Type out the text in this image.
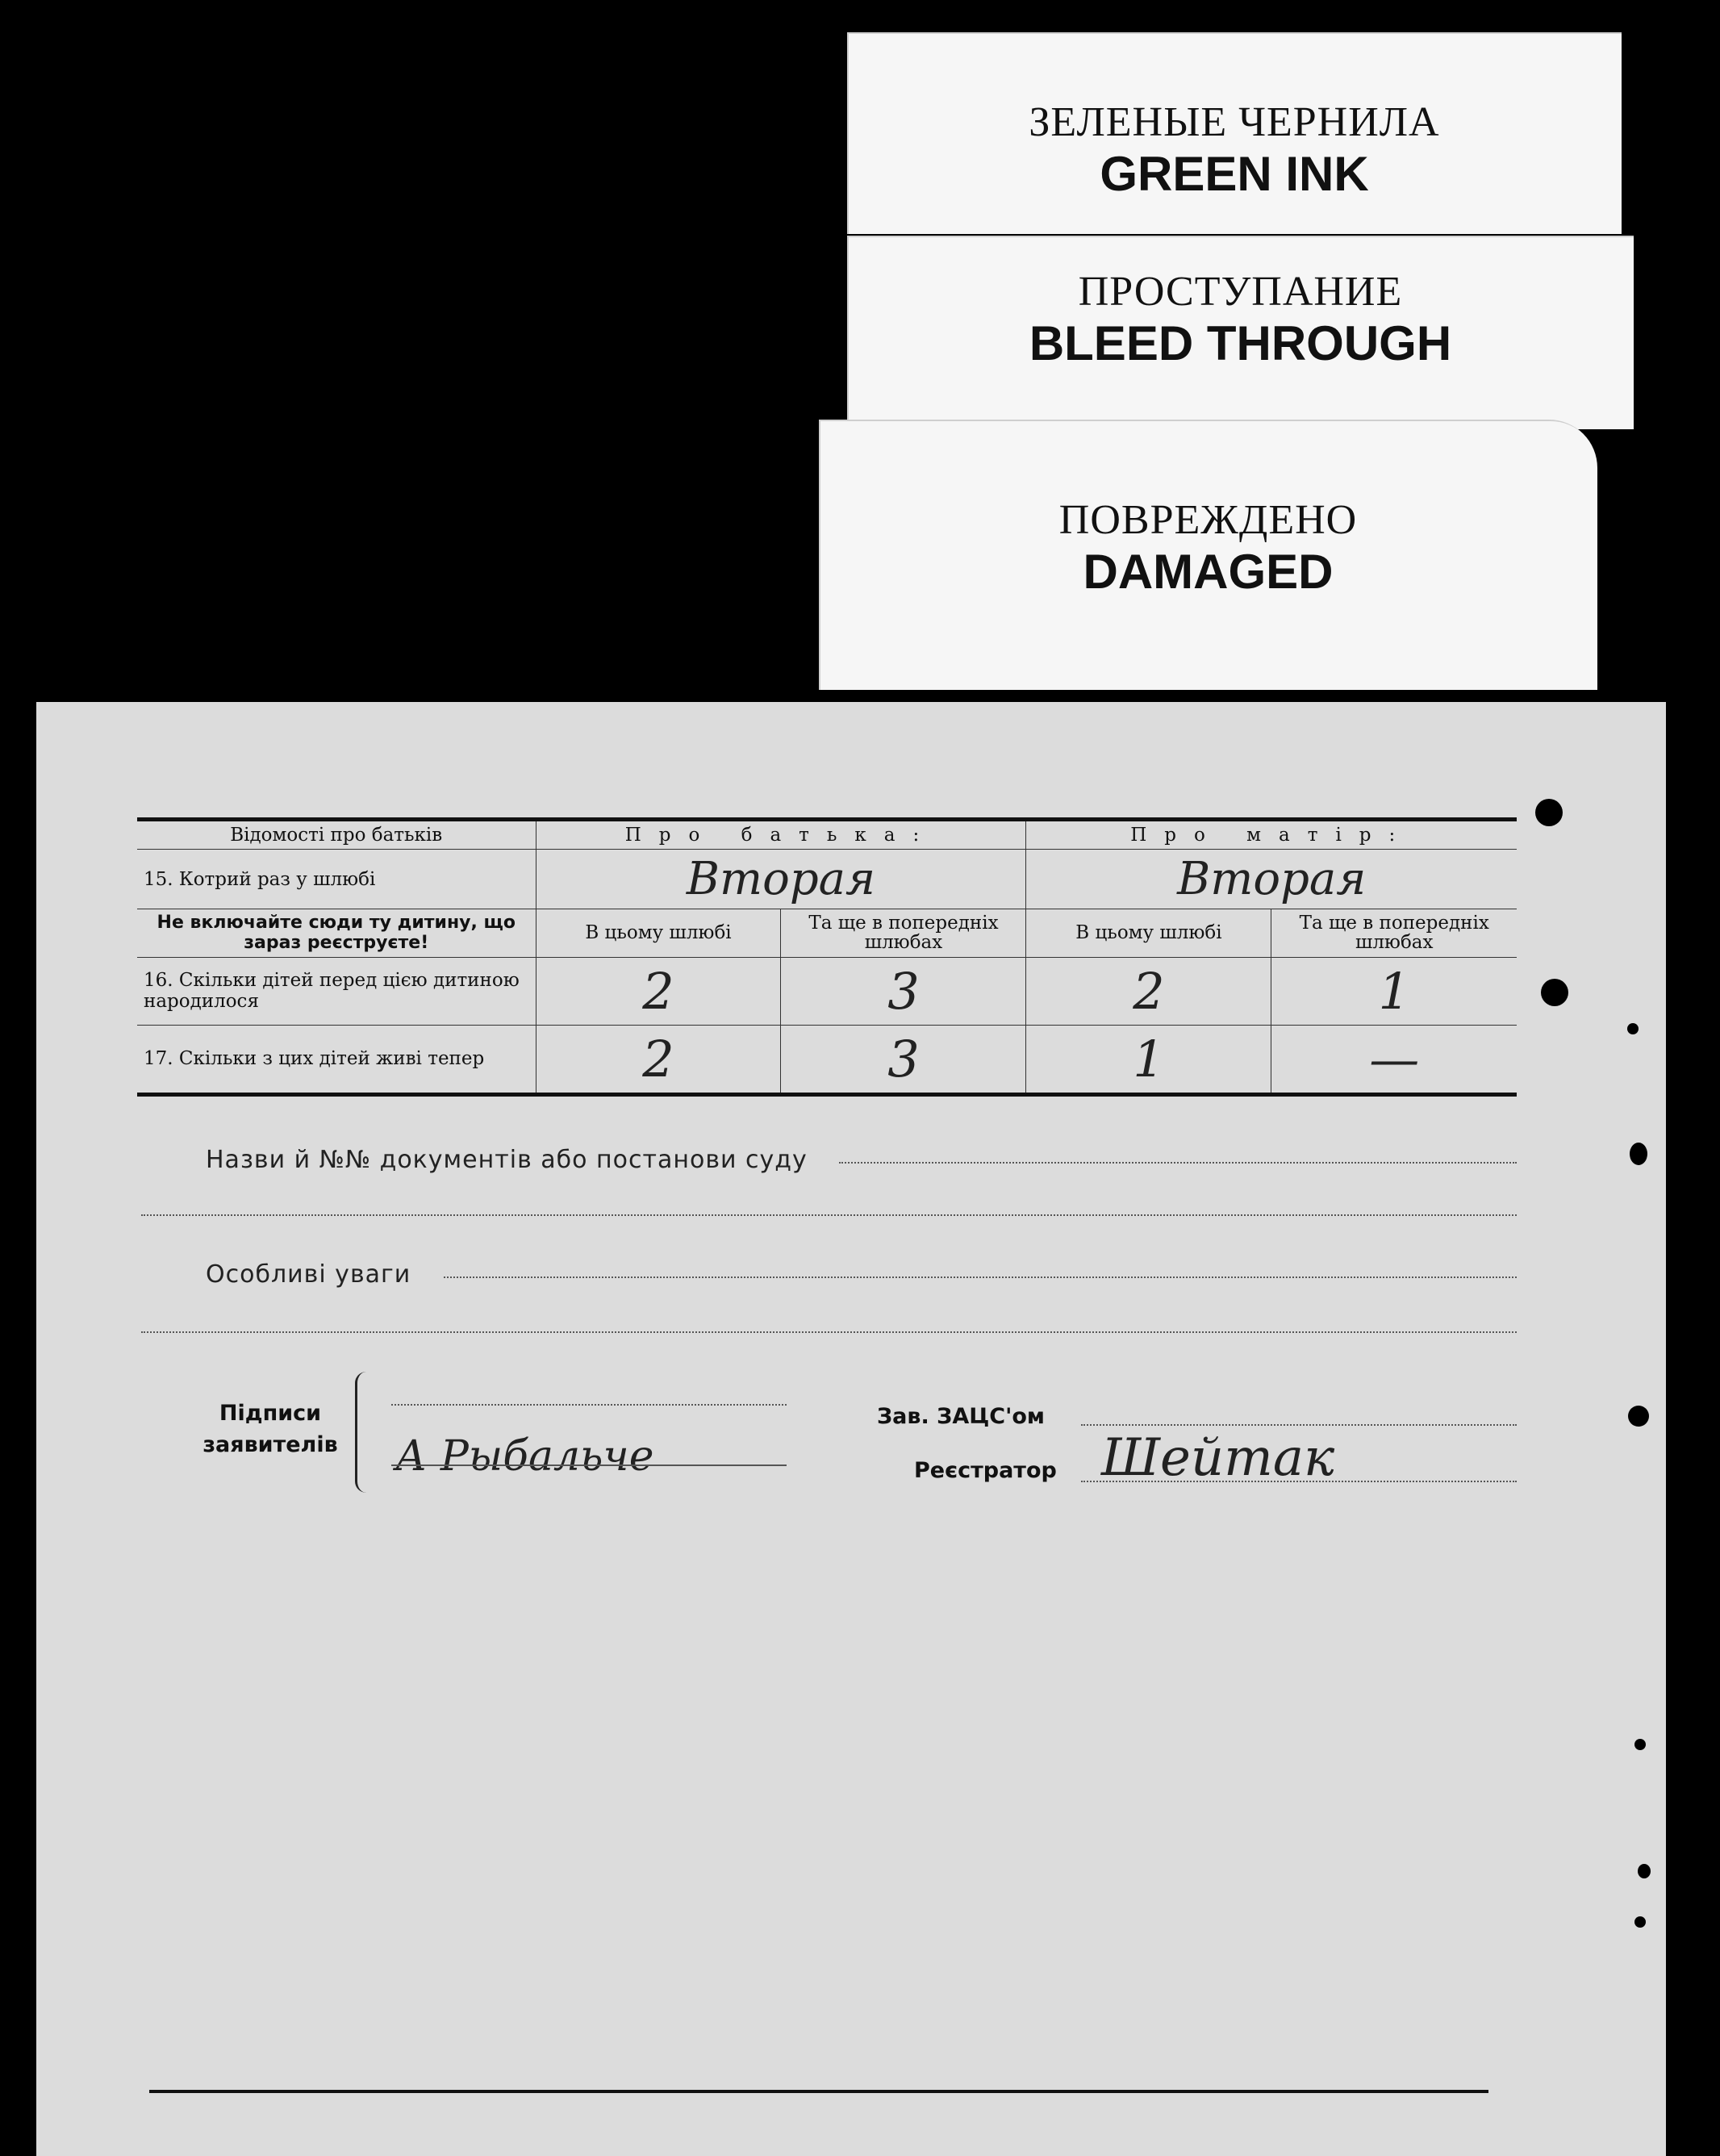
ЗЕЛЕНЫЕ ЧЕРНИЛА
GREEN INK
ПРОСТУПАНИЕ
BLEED THROUGH
ПОВРЕЖДЕНО
DAMAGED
Відомості про батьків	Про батька:		Про матір:	
15. Котрий раз у шлюбі	Вторая		Вторая	
Не включайте сюди ту дитину, що зараз реєструєте!	В цьому шлюбі	Та ще в попередніх шлюбах	В цьому шлюбі	Та ще в попередніх шлюбах
16. Скільки дітей перед цією дитиною народилося	2	3	2	1
17. Скільки з цих дітей живі тепер	2	3	1	—
Назви й №№ документів або постанови суду
Особливі уваги
Підписи заявителів А Рыбальче
Зав. ЗАЦС'ом
Реєстратор Шейтак
